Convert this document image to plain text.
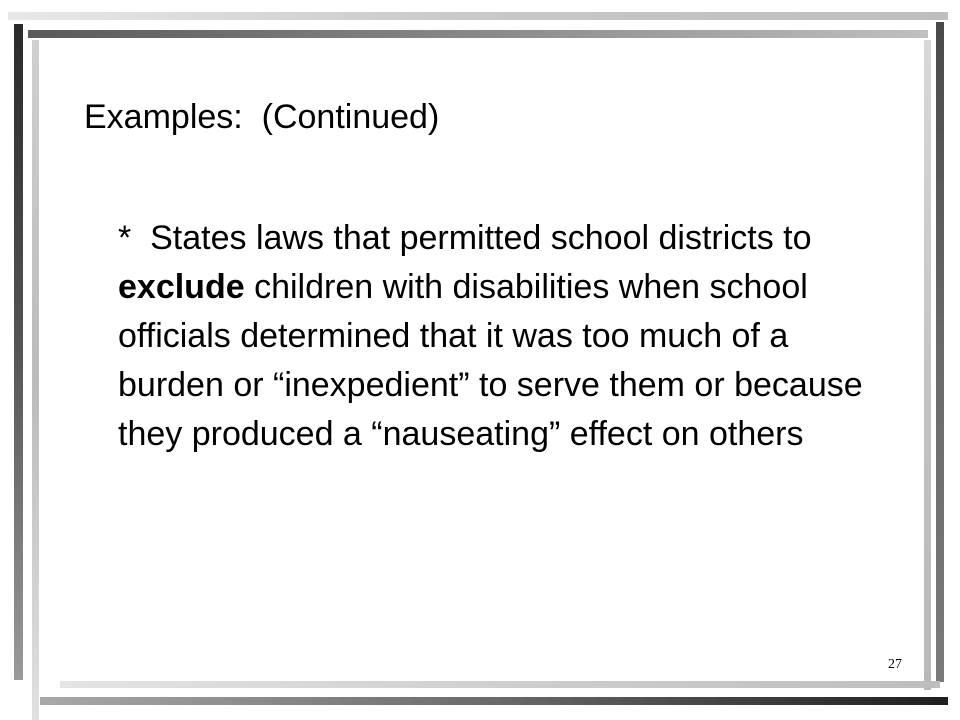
Examples:  (Continued)

*  States laws that permitted school districts to exclude children with disabilities when school officials determined that it was too much of a burden or “inexpedient” to serve them or because they produced a “nauseating” effect on others

27
